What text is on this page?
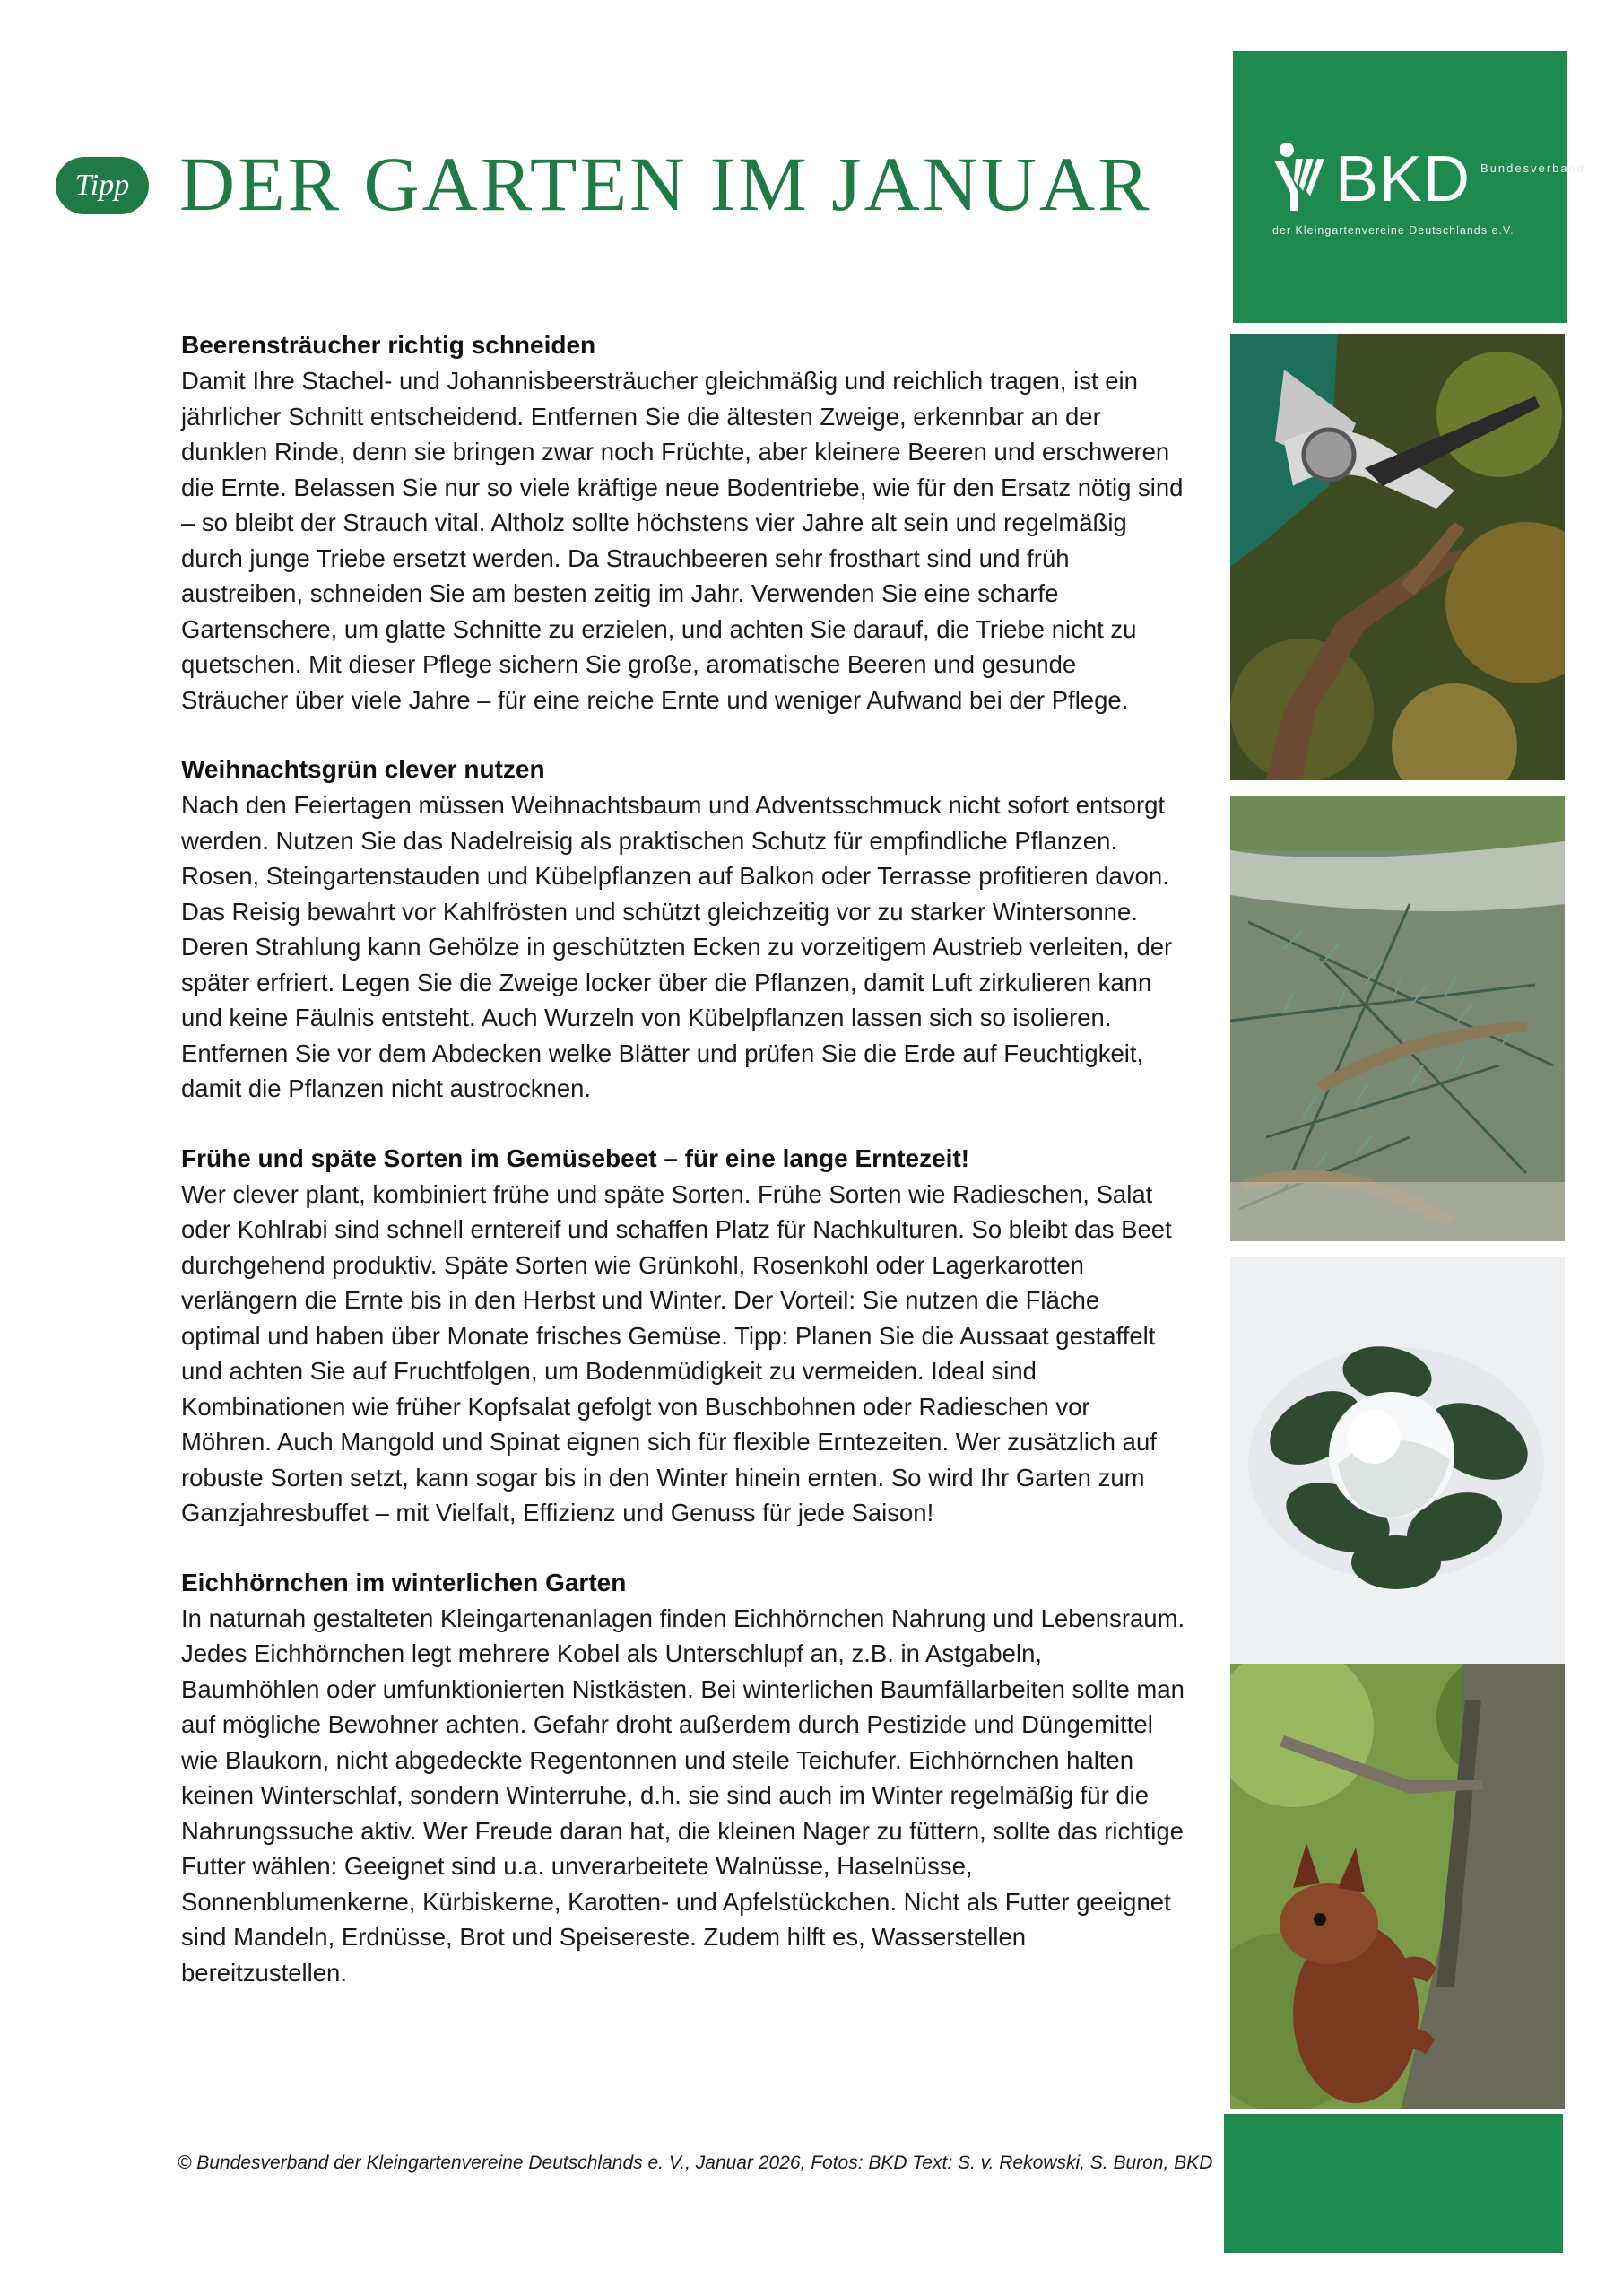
Tipp DER GARTEN IM JANUAR
Beerensträucher richtig schneiden

Damit Ihre Stachel- und Johannisbeersträucher gleichmäßig und reichlich tragen, ist ein jährlicher Schnitt entscheidend. Entfernen Sie die ältesten Zweige, erkennbar an der dunklen Rinde, denn sie bringen zwar noch Früchte, aber kleinere Beeren und erschweren die Ernte. Belassen Sie nur so viele kräftige neue Bodentriebe, wie für den Ersatz nötig sind – so bleibt der Strauch vital. Altholz sollte höchstens vier Jahre alt sein und regelmäßig durch junge Triebe ersetzt werden. Da Strauchbeeren sehr frosthart sind und früh austreiben, schneiden Sie am besten zeitig im Jahr. Verwenden Sie eine scharfe Gartenschere, um glatte Schnitte zu erzielen, und achten Sie darauf, die Triebe nicht zu quetschen. Mit dieser Pflege sichern Sie große, aromatische Beeren und gesunde Sträucher über viele Jahre – für eine reiche Ernte und weniger Aufwand bei der Pflege.

Weihnachtsgrün clever nutzen

Nach den Feiertagen müssen Weihnachtsbaum und Adventsschmuck nicht sofort entsorgt werden. Nutzen Sie das Nadelreisig als praktischen Schutz für empfindliche Pflanzen. Rosen, Steingartenstauden und Kübelpflanzen auf Balkon oder Terrasse profitieren davon. Das Reisig bewahrt vor Kahlfrösten und schützt gleichzeitig vor zu starker Wintersonne. Deren Strahlung kann Gehölze in geschützten Ecken zu vorzeitigem Austrieb verleiten, der später erfriert. Legen Sie die Zweige locker über die Pflanzen, damit Luft zirkulieren kann und keine Fäulnis entsteht. Auch Wurzeln von Kübelpflanzen lassen sich so isolieren. Entfernen Sie vor dem Abdecken welke Blätter und prüfen Sie die Erde auf Feuchtigkeit, damit die Pflanzen nicht austrocknen.

Frühe und späte Sorten im Gemüsebeet – für eine lange Erntezeit!

Wer clever plant, kombiniert frühe und späte Sorten. Frühe Sorten wie Radieschen, Salat oder Kohlrabi sind schnell erntereif und schaffen Platz für Nachkulturen. So bleibt das Beet durchgehend produktiv. Späte Sorten wie Grünkohl, Rosenkohl oder Lagerkarotten verlängern die Ernte bis in den Herbst und Winter. Der Vorteil: Sie nutzen die Fläche optimal und haben über Monate frisches Gemüse. Tipp: Planen Sie die Aussaat gestaffelt und achten Sie auf Fruchtfolgen, um Bodenmüdigkeit zu vermeiden. Ideal sind Kombinationen wie früher Kopfsalat gefolgt von Buschbohnen oder Radieschen vor Möhren. Auch Mangold und Spinat eignen sich für flexible Erntezeiten. Wer zusätzlich auf robuste Sorten setzt, kann sogar bis in den Winter hinein ernten. So wird Ihr Garten zum Ganzjahresbuffet – mit Vielfalt, Effizienz und Genuss für jede Saison!

Eichhörnchen im winterlichen Garten

In naturnah gestalteten Kleingartenanlagen finden Eichhörnchen Nahrung und Lebensraum. Jedes Eichhörnchen legt mehrere Kobel als Unterschlupf an, z.B. in Astgabeln, Baumhöhlen oder umfunktionierten Nistkästen. Bei winterlichen Baumfällarbeiten sollte man auf mögliche Bewohner achten. Gefahr droht außerdem durch Pestizide und Düngemittel wie Blaukorn, nicht abgedeckte Regentonnen und steile Teichufer. Eichhörnchen halten keinen Winterschlaf, sondern Winterruhe, d.h. sie sind auch im Winter regelmäßig für die Nahrungssuche aktiv. Wer Freude daran hat, die kleinen Nager zu füttern, sollte das richtige Futter wählen: Geeignet sind u.a. unverarbeitete Walnüsse, Haselnüsse, Sonnenblumenkerne, Kürbiskerne, Karotten- und Apfelstückchen. Nicht als Futter geeignet sind Mandeln, Erdnüsse, Brot und Speisereste. Zudem hilft es, Wasserstellen bereitzustellen.

© Bundesverband der Kleingartenvereine Deutschlands e. V., Januar 2026, Fotos: BKD Text: S. v. Rekowski, S. Buron, BKD
BKD Bundesverband
der Kleingartenvereine Deutschlands e.V.
